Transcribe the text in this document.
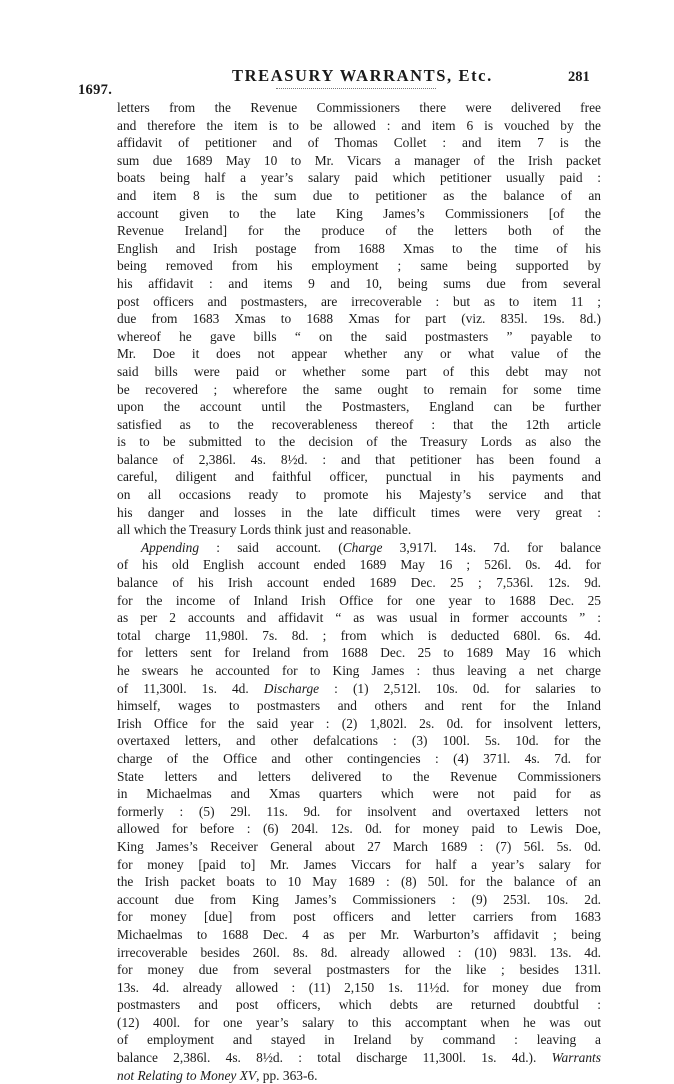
1697.
TREASURY WARRANTS, Etc.	281
letters from the Revenue Commissioners there were delivered free
and therefore the item is to be allowed : and item 6 is vouched by the
affidavit of petitioner and of Thomas Collet : and item 7 is the
sum due 1689 May 10 to Mr. Vicars a manager of the Irish packet
boats being half a year’s salary paid which petitioner usually paid :
and item 8 is the sum due to petitioner as the balance of an
account given to the late King James’s Commissioners [of the
Revenue Ireland] for the produce of the letters both of the
English and Irish postage from 1688 Xmas to the time of his
being removed from his employment ; same being supported by
his affidavit : and items 9 and 10, being sums due from several
post officers and postmasters, are irrecoverable : but as to item 11 ;
due from 1683 Xmas to 1688 Xmas for part (viz. 835l. 19s. 8d.)
whereof he gave bills “ on the said postmasters ” payable to
Mr. Doe it does not appear whether any or what value of the
said bills were paid or whether some part of this debt may not
be recovered ; wherefore the same ought to remain for some time
upon the account until the Postmasters, England can be further
satisfied as to the recoverableness thereof : that the 12th article
is to be submitted to the decision of the Treasury Lords as also the
balance of 2,386l. 4s. 8½d. : and that petitioner has been found a
careful, diligent and faithful officer, punctual in his payments and
on all occasions ready to promote his Majesty’s service and that
his danger and losses in the late difficult times were very great :
all which the Treasury Lords think just and reasonable.
Appending : said account. (Charge 3,917l. 14s. 7d. for balance
of his old English account ended 1689 May 16 ; 526l. 0s. 4d. for
balance of his Irish account ended 1689 Dec. 25 ; 7,536l. 12s. 9d.
for the income of Inland Irish Office for one year to 1688 Dec. 25
as per 2 accounts and affidavit “ as was usual in former accounts ” :
total charge 11,980l. 7s. 8d. ; from which is deducted 680l. 6s. 4d.
for letters sent for Ireland from 1688 Dec. 25 to 1689 May 16 which
he swears he accounted for to King James : thus leaving a net charge
of 11,300l. 1s. 4d. Discharge : (1) 2,512l. 10s. 0d. for salaries to
himself, wages to postmasters and others and rent for the Inland
Irish Office for the said year : (2) 1,802l. 2s. 0d. for insolvent letters,
overtaxed letters, and other defalcations : (3) 100l. 5s. 10d. for the
charge of the Office and other contingencies : (4) 371l. 4s. 7d. for
State letters and letters delivered to the Revenue Commissioners
in Michaelmas and Xmas quarters which were not paid for as
formerly : (5) 29l. 11s. 9d. for insolvent and overtaxed letters not
allowed for before : (6) 204l. 12s. 0d. for money paid to Lewis Doe,
King James’s Receiver General about 27 March 1689 : (7) 56l. 5s. 0d.
for money [paid to] Mr. James Viccars for half a year’s salary for
the Irish packet boats to 10 May 1689 : (8) 50l. for the balance of an
account due from King James’s Commissioners : (9) 253l. 10s. 2d.
for money [due] from post officers and letter carriers from 1683
Michaelmas to 1688 Dec. 4 as per Mr. Warburton’s affidavit ; being
irrecoverable besides 260l. 8s. 8d. already allowed : (10) 983l. 13s. 4d.
for money due from several postmasters for the like ; besides 131l.
13s. 4d. already allowed : (11) 2,150 1s. 11½d. for money due from
postmasters and post officers, which debts are returned doubtful :
(12) 400l. for one year’s salary to this accomptant when he was out
of employment and stayed in Ireland by command : leaving a
balance 2,386l. 4s. 8½d. : total discharge 11,300l. 1s. 4d.). Warrants
not Relating to Money XV, pp. 363-6.
